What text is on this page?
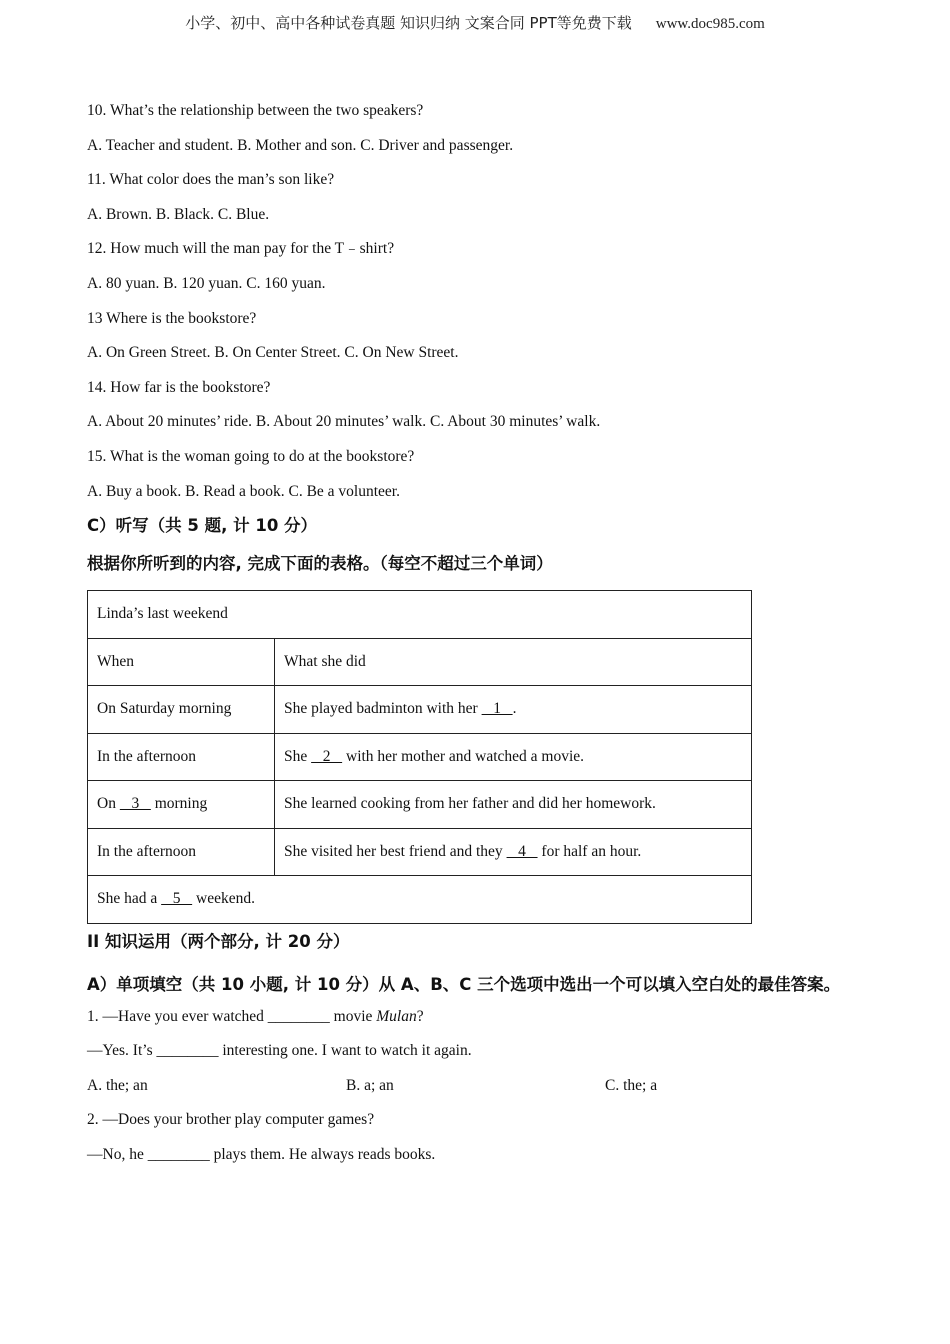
小学、初中、高中各种试卷真题 知识归纳 文案合同 PPT等免费下载 www.doc985.com
10. What’s the relationship between the two speakers?
A. Teacher and student. B. Mother and son. C. Driver and passenger.
11. What color does the man’s son like?
A. Brown. B. Black. C. Blue.
12. How much will the man pay for the T﹣shirt?
A. 80 yuan. B. 120 yuan. C. 160 yuan.
13 Where is the bookstore?
A. On Green Street. B. On Center Street. C. On New Street.
14. How far is the bookstore?
A. About 20 minutes’ ride. B. About 20 minutes’ walk. C. About 30 minutes’ walk.
15. What is the woman going to do at the bookstore?
A. Buy a book. B. Read a book. C. Be a volunteer.
C）听写（共 5 题, 计 10 分）
根据你所听到的内容, 完成下面的表格。（每空不超过三个单词）
Linda’s last weekend	
When	What she did
On Saturday morning	She played badminton with her    1   .
In the afternoon	She    2    with her mother and watched a movie.
On    3    morning	She learned cooking from her father and did her homework.
In the afternoon	She visited her best friend and they    4    for half an hour.
She had a    5    weekend.	
II 知识运用（两个部分, 计 20 分）
A）单项填空（共 10 小题, 计 10 分）从 A、B、C 三个选项中选出一个可以填入空白处的最佳答案。
1. —Have you ever watched ________ movie Mulan?
—Yes. It’s ________ interesting one. I want to watch it again.
A. the; an	B. a; an	C. the; a
2. —Does your brother play computer games?
—No, he ________ plays them. He always reads books.
